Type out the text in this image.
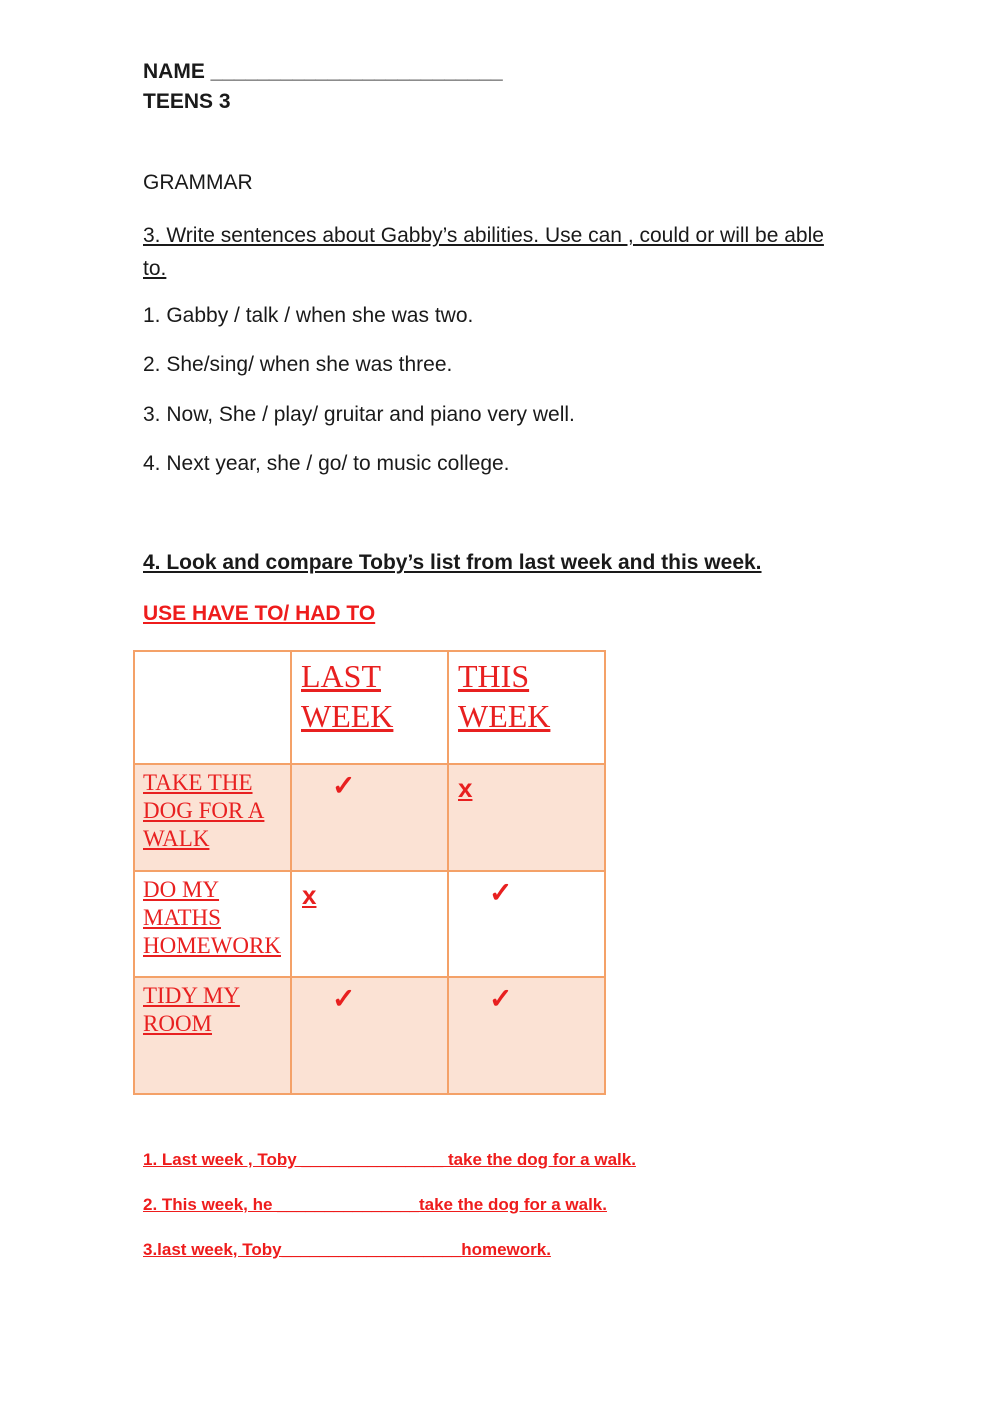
NAME _________________________
TEENS 3
GRAMMAR
3. Write sentences about Gabby’s abilities. Use can , could or will be able to.
1. Gabby / talk / when she was two.
2. She/sing/ when she was three.
3. Now, She / play/ gruitar and piano very well.
4. Next year, she / go/ to music college.
4. Look and compare Toby’s list from last week and this week.
USE HAVE TO/ HAD TO
	LAST WEEK	THIS WEEK
TAKE THE DOG FOR A WALK	✓	x

DO MY MATHS HOMEWORK	x	✓

TIDY MY ROOM	✓	✓
1. Last week , Toby _______________ take the dog for a walk.
2. This week, he _______________take the dog for a walk.
3.last week, Toby___________________homework.
